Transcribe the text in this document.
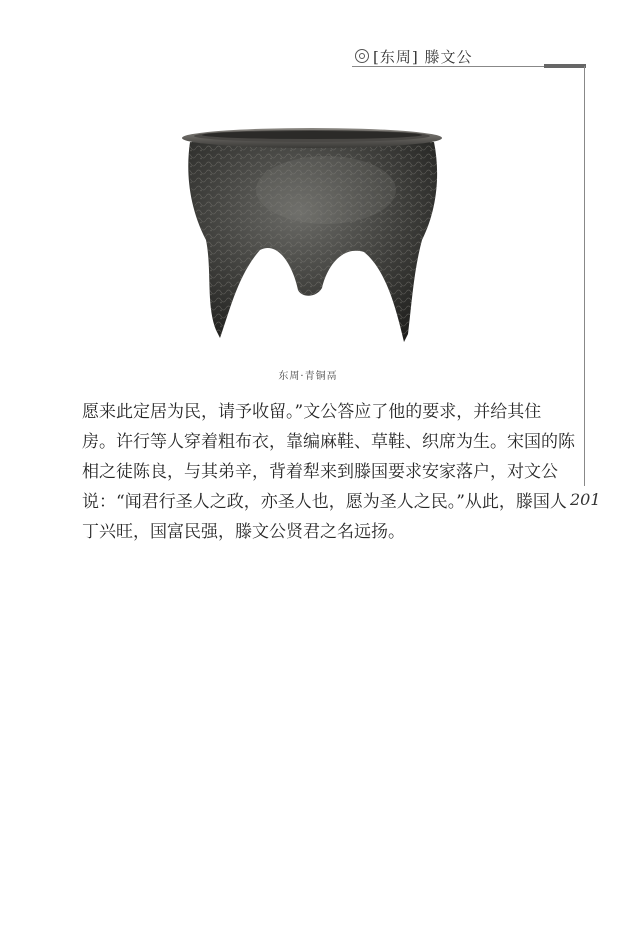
[东周] 滕文公
201
东周·青铜鬲

愿来此定居为民，请予收留。”文公答应了他的要求，并给其住

房。许行等人穿着粗布衣，靠编麻鞋、草鞋、织席为生。宋国的陈

相之徒陈良，与其弟辛，背着犁来到滕国要求安家落户，对文公

说：“闻君行圣人之政，亦圣人也，愿为圣人之民。”从此，滕国人

丁兴旺，国富民强，滕文公贤君之名远扬。
